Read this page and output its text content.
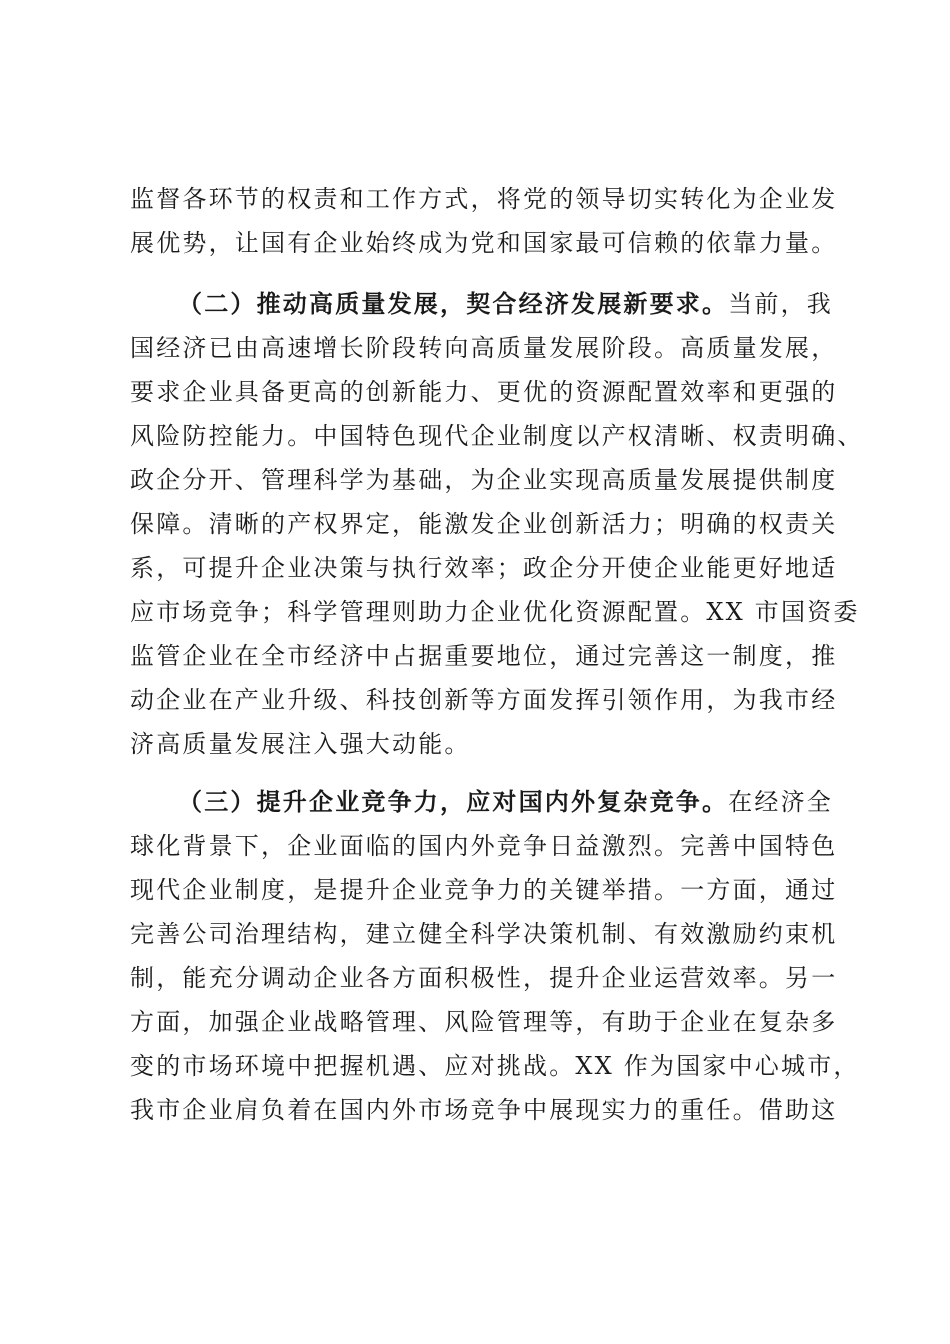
监督各环节的权责和工作方式，将党的领导切实转化为企业发
展优势，让国有企业始终成为党和国家最可信赖的依靠力量。
（二）推动高质量发展，契合经济发展新要求。当前，我
国经济已由高速增长阶段转向高质量发展阶段。高质量发展，
要求企业具备更高的创新能力、更优的资源配置效率和更强的
风险防控能力。中国特色现代企业制度以产权清晰、权责明确、
政企分开、管理科学为基础，为企业实现高质量发展提供制度
保障。清晰的产权界定，能激发企业创新活力；明确的权责关
系，可提升企业决策与执行效率；政企分开使企业能更好地适
应市场竞争；科学管理则助力企业优化资源配置。XX 市国资委
监管企业在全市经济中占据重要地位，通过完善这一制度，推
动企业在产业升级、科技创新等方面发挥引领作用，为我市经
济高质量发展注入强大动能。
（三）提升企业竞争力，应对国内外复杂竞争。在经济全
球化背景下，企业面临的国内外竞争日益激烈。完善中国特色
现代企业制度，是提升企业竞争力的关键举措。一方面，通过
完善公司治理结构，建立健全科学决策机制、有效激励约束机
制，能充分调动企业各方面积极性，提升企业运营效率。另一
方面，加强企业战略管理、风险管理等，有助于企业在复杂多
变的市场环境中把握机遇、应对挑战。XX 作为国家中心城市，
我市企业肩负着在国内外市场竞争中展现实力的重任。借助这
